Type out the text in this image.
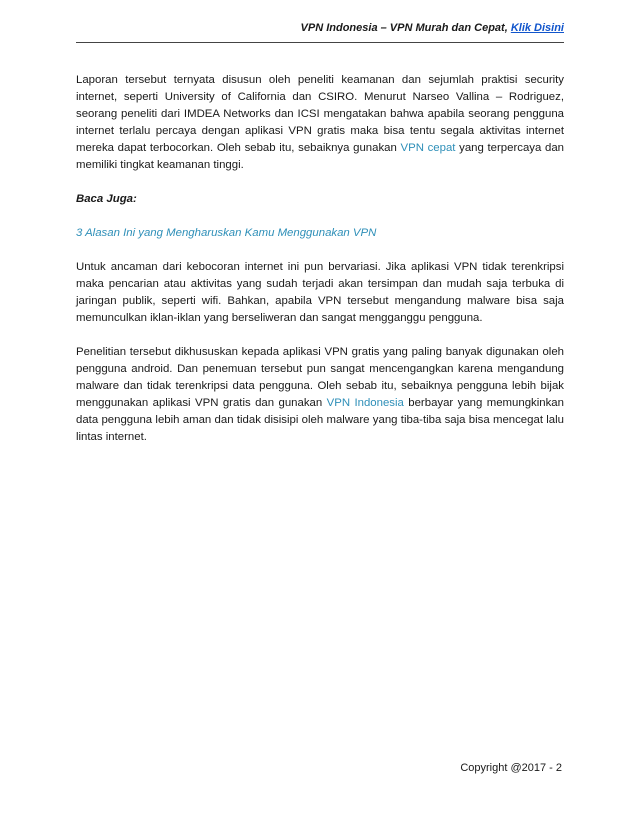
VPN Indonesia – VPN Murah dan Cepat, Klik Disini

Laporan tersebut ternyata disusun oleh peneliti keamanan dan sejumlah praktisi security internet, seperti University of California dan CSIRO. Menurut Narseo Vallina – Rodriguez, seorang peneliti dari IMDEA Networks dan ICSI mengatakan bahwa apabila seorang pengguna internet terlalu percaya dengan aplikasi VPN gratis maka bisa tentu segala aktivitas internet mereka dapat terbocorkan. Oleh sebab itu, sebaiknya gunakan VPN cepat yang terpercaya dan memiliki tingkat keamanan tinggi.

Baca Juga:

3 Alasan Ini yang Mengharuskan Kamu Menggunakan VPN

Untuk ancaman dari kebocoran internet ini pun bervariasi. Jika aplikasi VPN tidak terenkripsi maka pencarian atau aktivitas yang sudah terjadi akan tersimpan dan mudah saja terbuka di jaringan publik, seperti wifi. Bahkan, apabila VPN tersebut mengandung malware bisa saja memunculkan iklan-iklan yang berseliweran dan sangat mengganggu pengguna.

Penelitian tersebut dikhususkan kepada aplikasi VPN gratis yang paling banyak digunakan oleh pengguna android. Dan penemuan tersebut pun sangat mencengangkan karena mengandung malware dan tidak terenkripsi data pengguna. Oleh sebab itu, sebaiknya pengguna lebih bijak menggunakan aplikasi VPN gratis dan gunakan VPN Indonesia berbayar yang memungkinkan data pengguna lebih aman dan tidak disisipi oleh malware yang tiba-tiba saja bisa mencegat lalu lintas internet.

Copyright @2017 - 2
